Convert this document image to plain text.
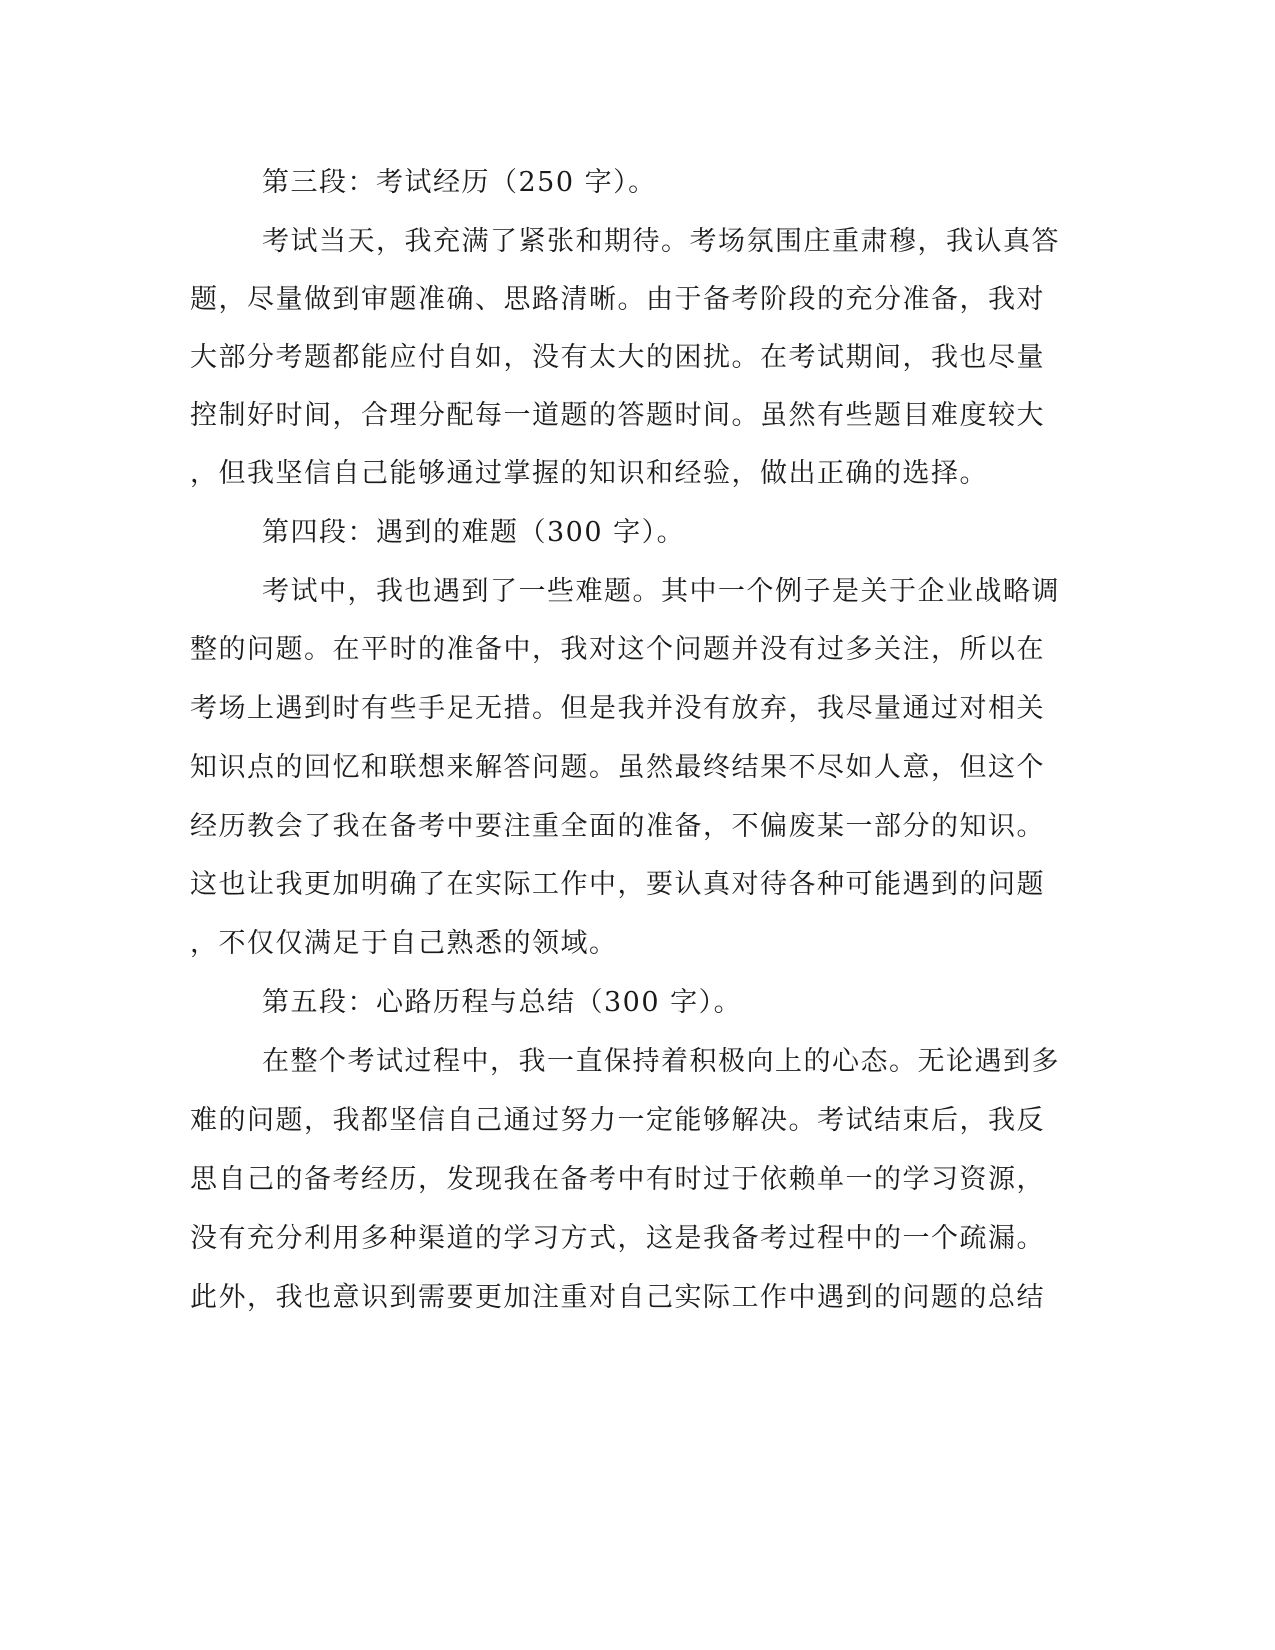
第三段：考试经历（250 字）。

考试当天，我充满了紧张和期待。考场氛围庄重肃穆，我认真答

题，尽量做到审题准确、思路清晰。由于备考阶段的充分准备，我对

大部分考题都能应付自如，没有太大的困扰。在考试期间，我也尽量

控制好时间，合理分配每一道题的答题时间。虽然有些题目难度较大

，但我坚信自己能够通过掌握的知识和经验，做出正确的选择。

第四段：遇到的难题（300 字）。

考试中，我也遇到了一些难题。其中一个例子是关于企业战略调

整的问题。在平时的准备中，我对这个问题并没有过多关注，所以在

考场上遇到时有些手足无措。但是我并没有放弃，我尽量通过对相关

知识点的回忆和联想来解答问题。虽然最终结果不尽如人意，但这个

经历教会了我在备考中要注重全面的准备，不偏废某一部分的知识。

这也让我更加明确了在实际工作中，要认真对待各种可能遇到的问题

，不仅仅满足于自己熟悉的领域。

第五段：心路历程与总结（300 字）。

在整个考试过程中，我一直保持着积极向上的心态。无论遇到多

难的问题，我都坚信自己通过努力一定能够解决。考试结束后，我反

思自己的备考经历，发现我在备考中有时过于依赖单一的学习资源，

没有充分利用多种渠道的学习方式，这是我备考过程中的一个疏漏。

此外，我也意识到需要更加注重对自己实际工作中遇到的问题的总结
